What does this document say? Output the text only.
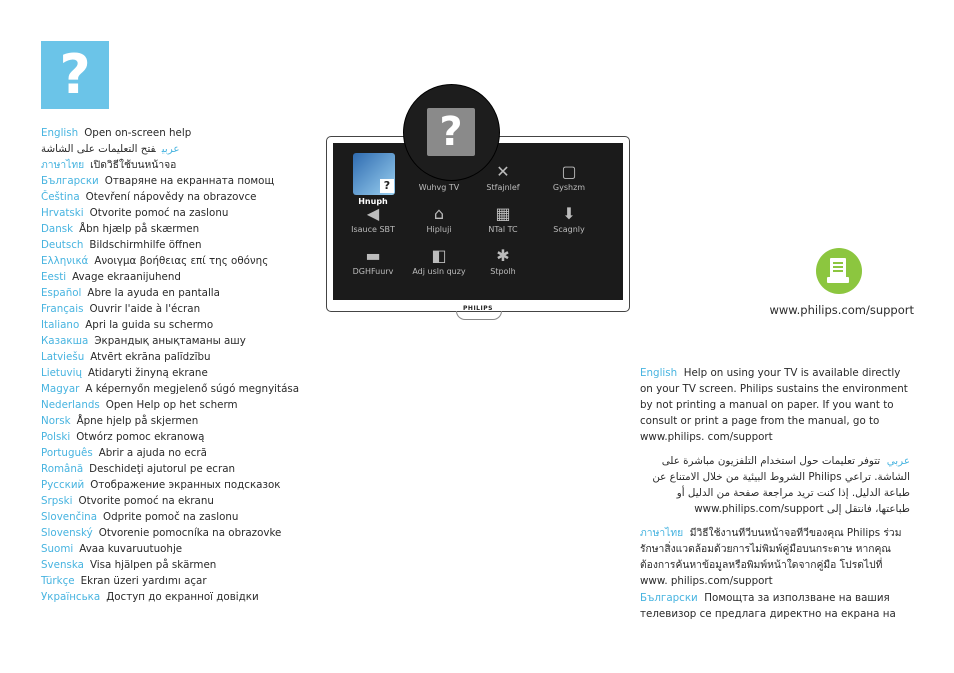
?
English Open on-screen help
عربيفتح التعليمات على الشاشة
ภาษาไทย เปิดวิธีใช้บนหน้าจอ
Български Отваряне на екранната помощ
Čeština Otevření nápovědy na obrazovce
Hrvatski Otvorite pomoć na zaslonu
Dansk Åbn hjælp på skærmen
Deutsch Bildschirmhilfe öffnen
Ελληνικά Ανοιγμα βοήθειας επί της οθόνης
Eesti Avage ekraanijuhend
Español Abre la ayuda en pantalla
Français Ouvrir l'aide à l'écran
Italiano Apri la guida su schermo
Казакша Экрандық анықтаманы ашу
Latviešu Atvērt ekrāna palīdzību
Lietuvių Atidaryti žinyną ekrane
Magyar A képernyőn megjelenő súgó megnyitása
Nederlands Open Help op het scherm
Norsk Åpne hjelp på skjermen
Polski Otwórz pomoc ekranową
Português Abrir a ajuda no ecrã
Română Deschideţi ajutorul pe ecran
Русский Отображение экранных подсказок
Srpski Otvorite pomoć na ekranu
Slovenčina Odprite pomoč na zaslonu
Slovenský Otvorenie pomocníka na obrazovke
Suomi Avaa kuvaruutuohje
Svenska Visa hjälpen på skärmen
Türkçe Ekran üzeri yardımı açar
Українська Доступ до екранної довідки
?
Hnuph
Wuhvg TV
✕
Stfajnlef
▢
Gyshzm
◀
Isauce SBT
⌂
Hipluji
▦
NTal TC
⬇
Scagnly
▬
DGHFuurv
◧
Adj usln quzy
✱
Stpolh
PHILIPS
?
www.philips.com/support
English Help on using your TV is available directly on your TV screen. Philips sustains the environment by not printing a manual on paper. If you want to consult or print a page from the manual, go to www.philips. com/support
عربي  تتوفر تعليمات حول استخدام التلفزيون مباشرة على الشاشة. تراعي Philips الشروط البيئية من خلال الامتناع عن طباعة الدليل. إذا كنت تريد مراجعة صفحة من الدليل أو طباعتها، فانتقل إلى www.philips.com/support
ภาษาไทย มีวิธีใช้งานทีวีบนหน้าจอทีวีของคุณ Philips ร่วมรักษาสิ่งแวดล้อมด้วยการไม่พิมพ์คู่มือบนกระดาษ หากคุณต้องการค้นหาข้อมูลหรือพิมพ์หน้าใดจากคู่มือ โปรดไปที่ www. philips.com/support
Български Помощта за използване на вашия телевизор се предлага директно на екрана на
